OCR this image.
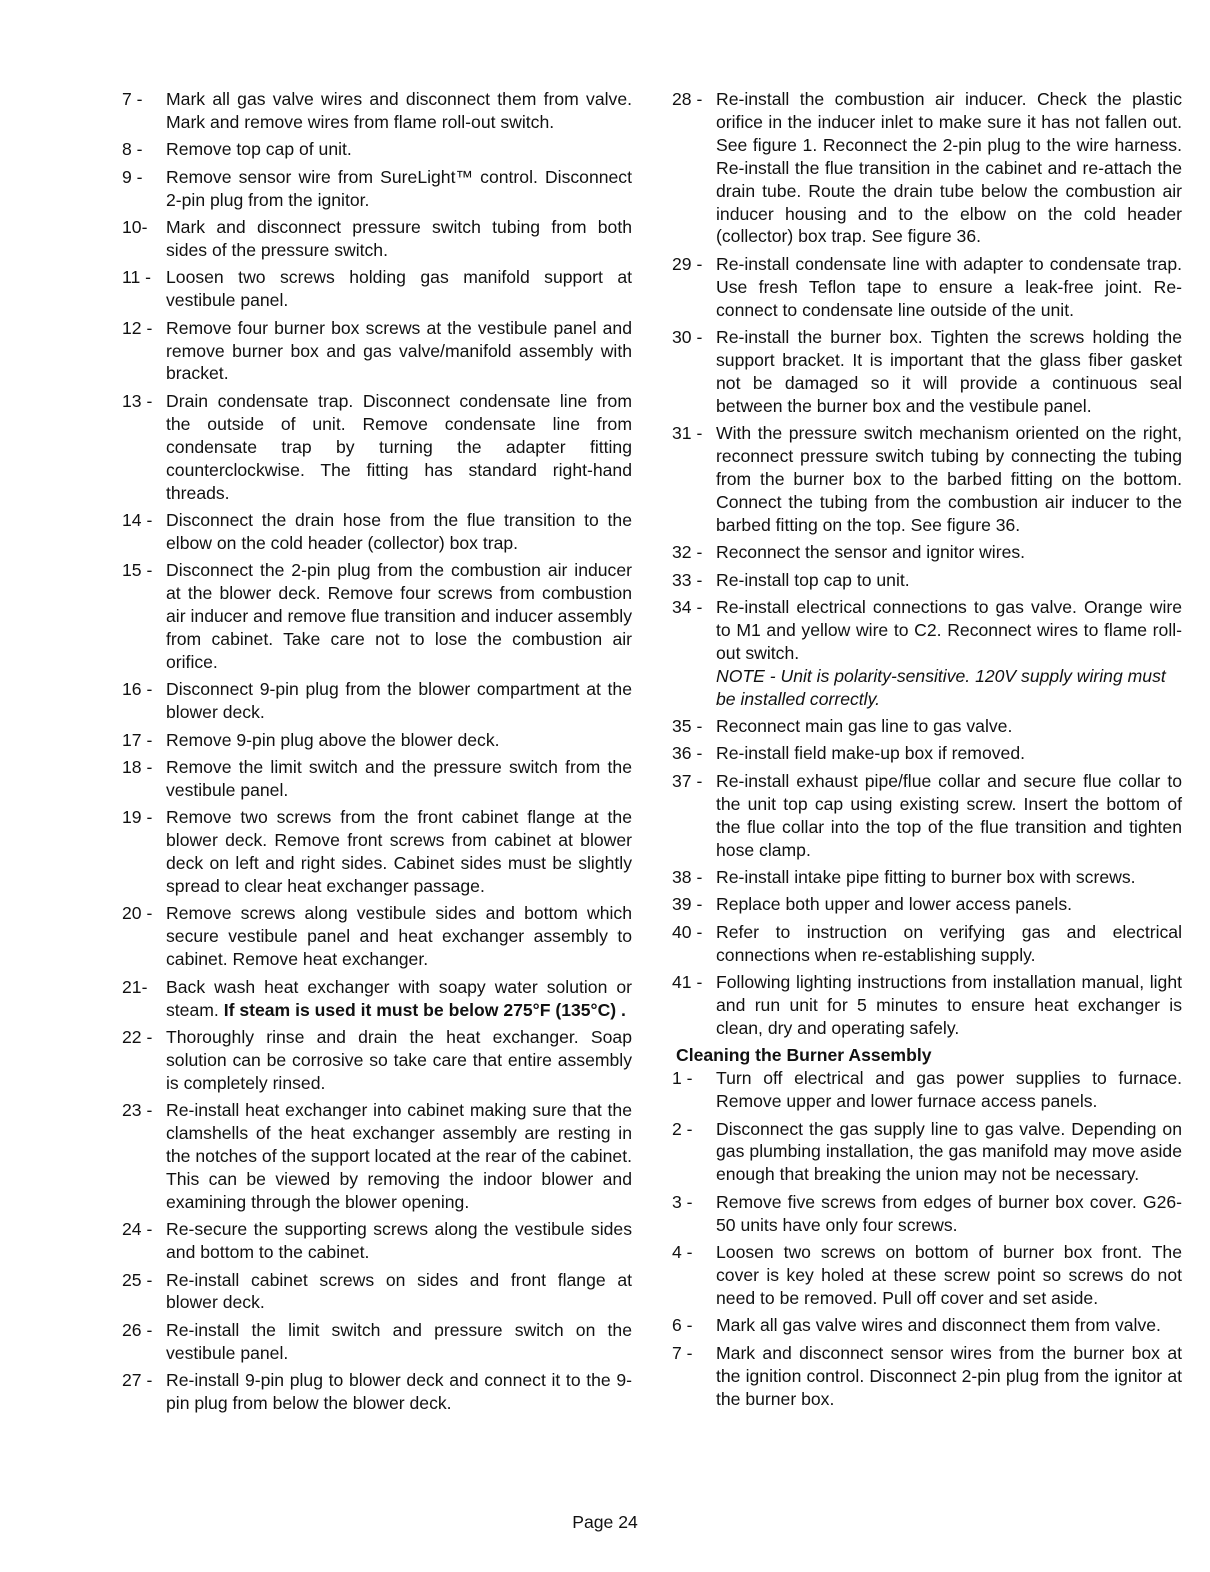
7 -	Mark all gas valve wires and disconnect them from valve. Mark and remove wires from flame roll-out switch.
8 -	Remove top cap of unit.
9 -	Remove sensor wire from SureLight™ control. Disconnect 2-pin plug from the ignitor.
10-	Mark and disconnect pressure switch tubing from both sides of the pressure switch.
11 - Loosen two screws holding gas manifold support at vestibule panel.
12 - Remove four burner box screws at the vestibule panel and remove burner box and gas valve/manifold assembly with bracket.
13 - Drain condensate trap. Disconnect condensate line from the outside of unit. Remove condensate line from condensate trap by turning the adapter fitting counterclockwise. The fitting has standard right-hand threads.
14 - Disconnect the drain hose from the flue transition to the elbow on the cold header (collector) box trap.
15 - Disconnect the 2-pin plug from the combustion air inducer at the blower deck. Remove four screws from combustion air inducer and remove flue transition and inducer assembly from cabinet. Take care not to lose the combustion air orifice.
16 - Disconnect 9-pin plug from the blower compartment at the blower deck.
17 - Remove 9-pin plug above the blower deck.
18 - Remove the limit switch and the pressure switch from the vestibule panel.
19 - Remove two screws from the front cabinet flange at the blower deck. Remove front screws from cabinet at blower deck on left and right sides. Cabinet sides must be slightly spread to clear heat exchanger passage.
20 - Remove screws along vestibule sides and bottom which secure vestibule panel and heat exchanger assembly to cabinet. Remove heat exchanger.
21-	Back wash heat exchanger with soapy water solution or steam. If steam is used it must be below 275°F (135°C) .
22 - Thoroughly rinse and drain the heat exchanger. Soap solution can be corrosive so take care that entire assembly is completely rinsed.
23 - Re-install heat exchanger into cabinet making sure that the clamshells of the heat exchanger assembly are resting in the notches of the support located at the rear of the cabinet. This can be viewed by removing the indoor blower and examining through the blower opening.
24 - Re-secure the supporting screws along the vestibule sides and bottom to the cabinet.
25 - Re-install cabinet screws on sides and front flange at blower deck.
26 - Re-install the limit switch and pressure switch on the vestibule panel.
27 - Re-install 9-pin plug to blower deck and connect it to the 9-pin plug from below the blower deck.
28 - Re-install the combustion air inducer. Check the plastic orifice in the inducer inlet to make sure it has not fallen out. See figure 1. Reconnect the 2-pin plug to the wire harness. Re-install the flue transition in the cabinet and re-attach the drain tube. Route the drain tube below the combustion air inducer housing and to the elbow on the cold header (collector) box trap. See figure 36.
29 - Re-install condensate line with adapter to condensate trap. Use fresh Teflon tape to ensure a leak-free joint. Re-connect to condensate line outside of the unit.
30 - Re-install the burner box. Tighten the screws holding the support bracket. It is important that the glass fiber gasket not be damaged so it will provide a continuous seal between the burner box and the vestibule panel.
31 - With the pressure switch mechanism oriented on the right, reconnect pressure switch tubing by connecting the tubing from the burner box to the barbed fitting on the bottom. Connect the tubing from the combustion air inducer to the barbed fitting on the top. See figure 36.
32 - Reconnect the sensor and ignitor wires.
33 - Re-install top cap to unit.
34 - Re-install electrical connections to gas valve. Orange wire to M1 and yellow wire to C2. Reconnect wires to flame roll-out switch.
NOTE - Unit is polarity-sensitive. 120V supply wiring must be installed correctly.
35 - Reconnect main gas line to gas valve.
36 - Re-install field make-up box if removed.
37 - Re-install exhaust pipe/flue collar and secure flue collar to the unit top cap using existing screw. Insert the bottom of the flue collar into the top of the flue transition and tighten hose clamp.
38 - Re-install intake pipe fitting to burner box with screws.
39 - Replace both upper and lower access panels.
40 - Refer to instruction on verifying gas and electrical connections when re-establishing supply.
41 - Following lighting instructions from installation manual, light and run unit for 5 minutes to ensure heat exchanger is clean, dry and operating safely.
Cleaning the Burner Assembly
1 -	Turn off electrical and gas power supplies to furnace. Remove upper and lower furnace access panels.
2 -	Disconnect the gas supply line to gas valve. Depending on gas plumbing installation, the gas manifold may move aside enough that breaking the union may not be necessary.
3 -	Remove five screws from edges of burner box cover. G26-50 units have only four screws.
4 -	Loosen two screws on bottom of burner box front. The cover is key holed at these screw point so screws do not need to be removed. Pull off cover and set aside.
6 -	Mark all gas valve wires and disconnect them from valve.
7 -	Mark and disconnect sensor wires from the burner box at the ignition control. Disconnect 2-pin plug from the ignitor at the burner box.
Page 24
